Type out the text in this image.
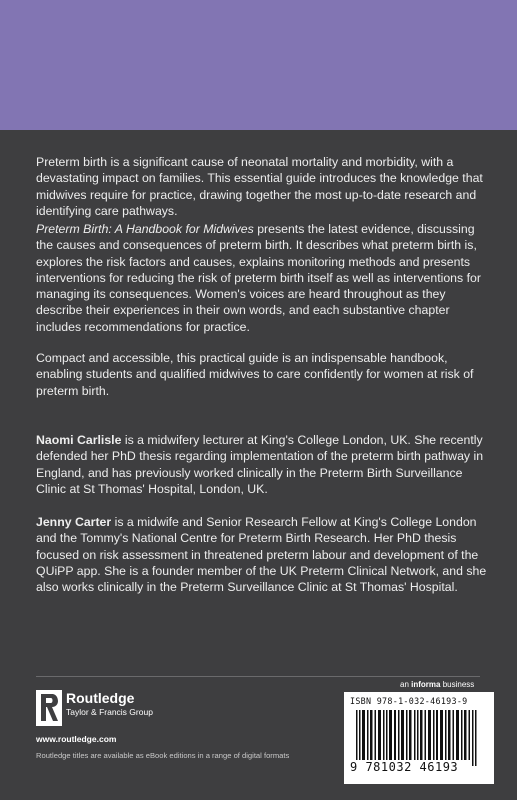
Preterm birth is a significant cause of neonatal mortality and morbidity, with a devastating impact on families. This essential guide introduces the knowledge that midwives require for practice, drawing together the most up-to-date research and identifying care pathways.

Preterm Birth: A Handbook for Midwives presents the latest evidence, discussing the causes and consequences of preterm birth. It describes what preterm birth is, explores the risk factors and causes, explains monitoring methods and presents interventions for reducing the risk of preterm birth itself as well as interventions for managing its consequences. Women's voices are heard throughout as they describe their experiences in their own words, and each substantive chapter includes recommendations for practice.

Compact and accessible, this practical guide is an indispensable handbook, enabling students and qualified midwives to care confidently for women at risk of preterm birth.

Naomi Carlisle is a midwifery lecturer at King's College London, UK. She recently defended her PhD thesis regarding implementation of the preterm birth pathway in England, and has previously worked clinically in the Preterm Birth Surveillance Clinic at St Thomas' Hospital, London, UK.

Jenny Carter is a midwife and Senior Research Fellow at King's College London and the Tommy's National Centre for Preterm Birth Research. Her PhD thesis focused on risk assessment in threatened preterm labour and development of the QUiPP app. She is a founder member of the UK Preterm Clinical Network, and she also works clinically in the Preterm Surveillance Clinic at St Thomas' Hospital.

an informa business
Routledge
Taylor & Francis Group
www.routledge.com
Routledge titles are available as eBook editions in a range of digital formats
ISBN 978-1-032-46193-9
9 781032 46193
